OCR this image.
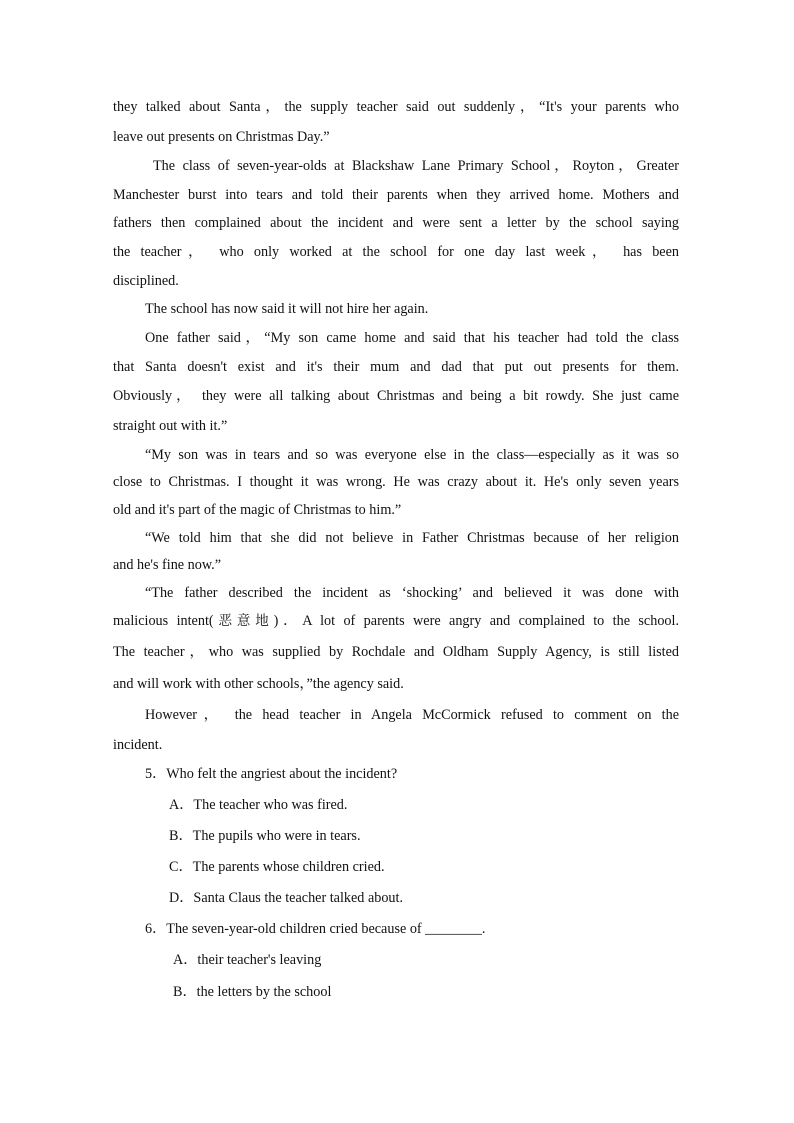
they talked about Santa，the supply teacher said out suddenly，“It's your parents who
leave out presents on Christmas Day.”
The class of seven-year-olds at Blackshaw Lane Primary School，Royton，Greater
Manchester burst into tears and told their parents when they arrived home. Mothers and
fathers then complained about the incident and were sent a letter by the school saying
the teacher， who only worked at the school for one day last week， has been
disciplined.
The school has now said it will not hire her again.
One father said，“My son came home and said that his teacher had told the class
that Santa doesn't exist and it's their mum and dad that put out presents for them.
Obviously， they were all talking about Christmas and being a bit rowdy. She just came
straight out with it.”
“My son was in tears and so was everyone else in the class—especially as it was so
close to Christmas. I thought it was wrong. He was crazy about it. He's only seven years
old and it's part of the magic of Christmas to him.”
“We told him that she did not believe in Father Christmas because of her religion
and he's fine now.”
“The father described the incident as ‘shocking’ and believed it was done with
malicious intent(恶意地)．A lot of parents were angry and complained to the school.
The teacher，who was supplied by Rochdale and Oldham Supply Agency, is still listed
and will work with other schools，”the agency said.
However， the head teacher in Angela McCormick refused to comment on the
incident.
5．Who felt the angriest about the incident?
A．The teacher who was fired.
B．The pupils who were in tears.
C．The parents whose children cried.
D．Santa Claus the teacher talked about.
6．The seven-year-old children cried because of ________.
A．their teacher's leaving
B．the letters by the school
